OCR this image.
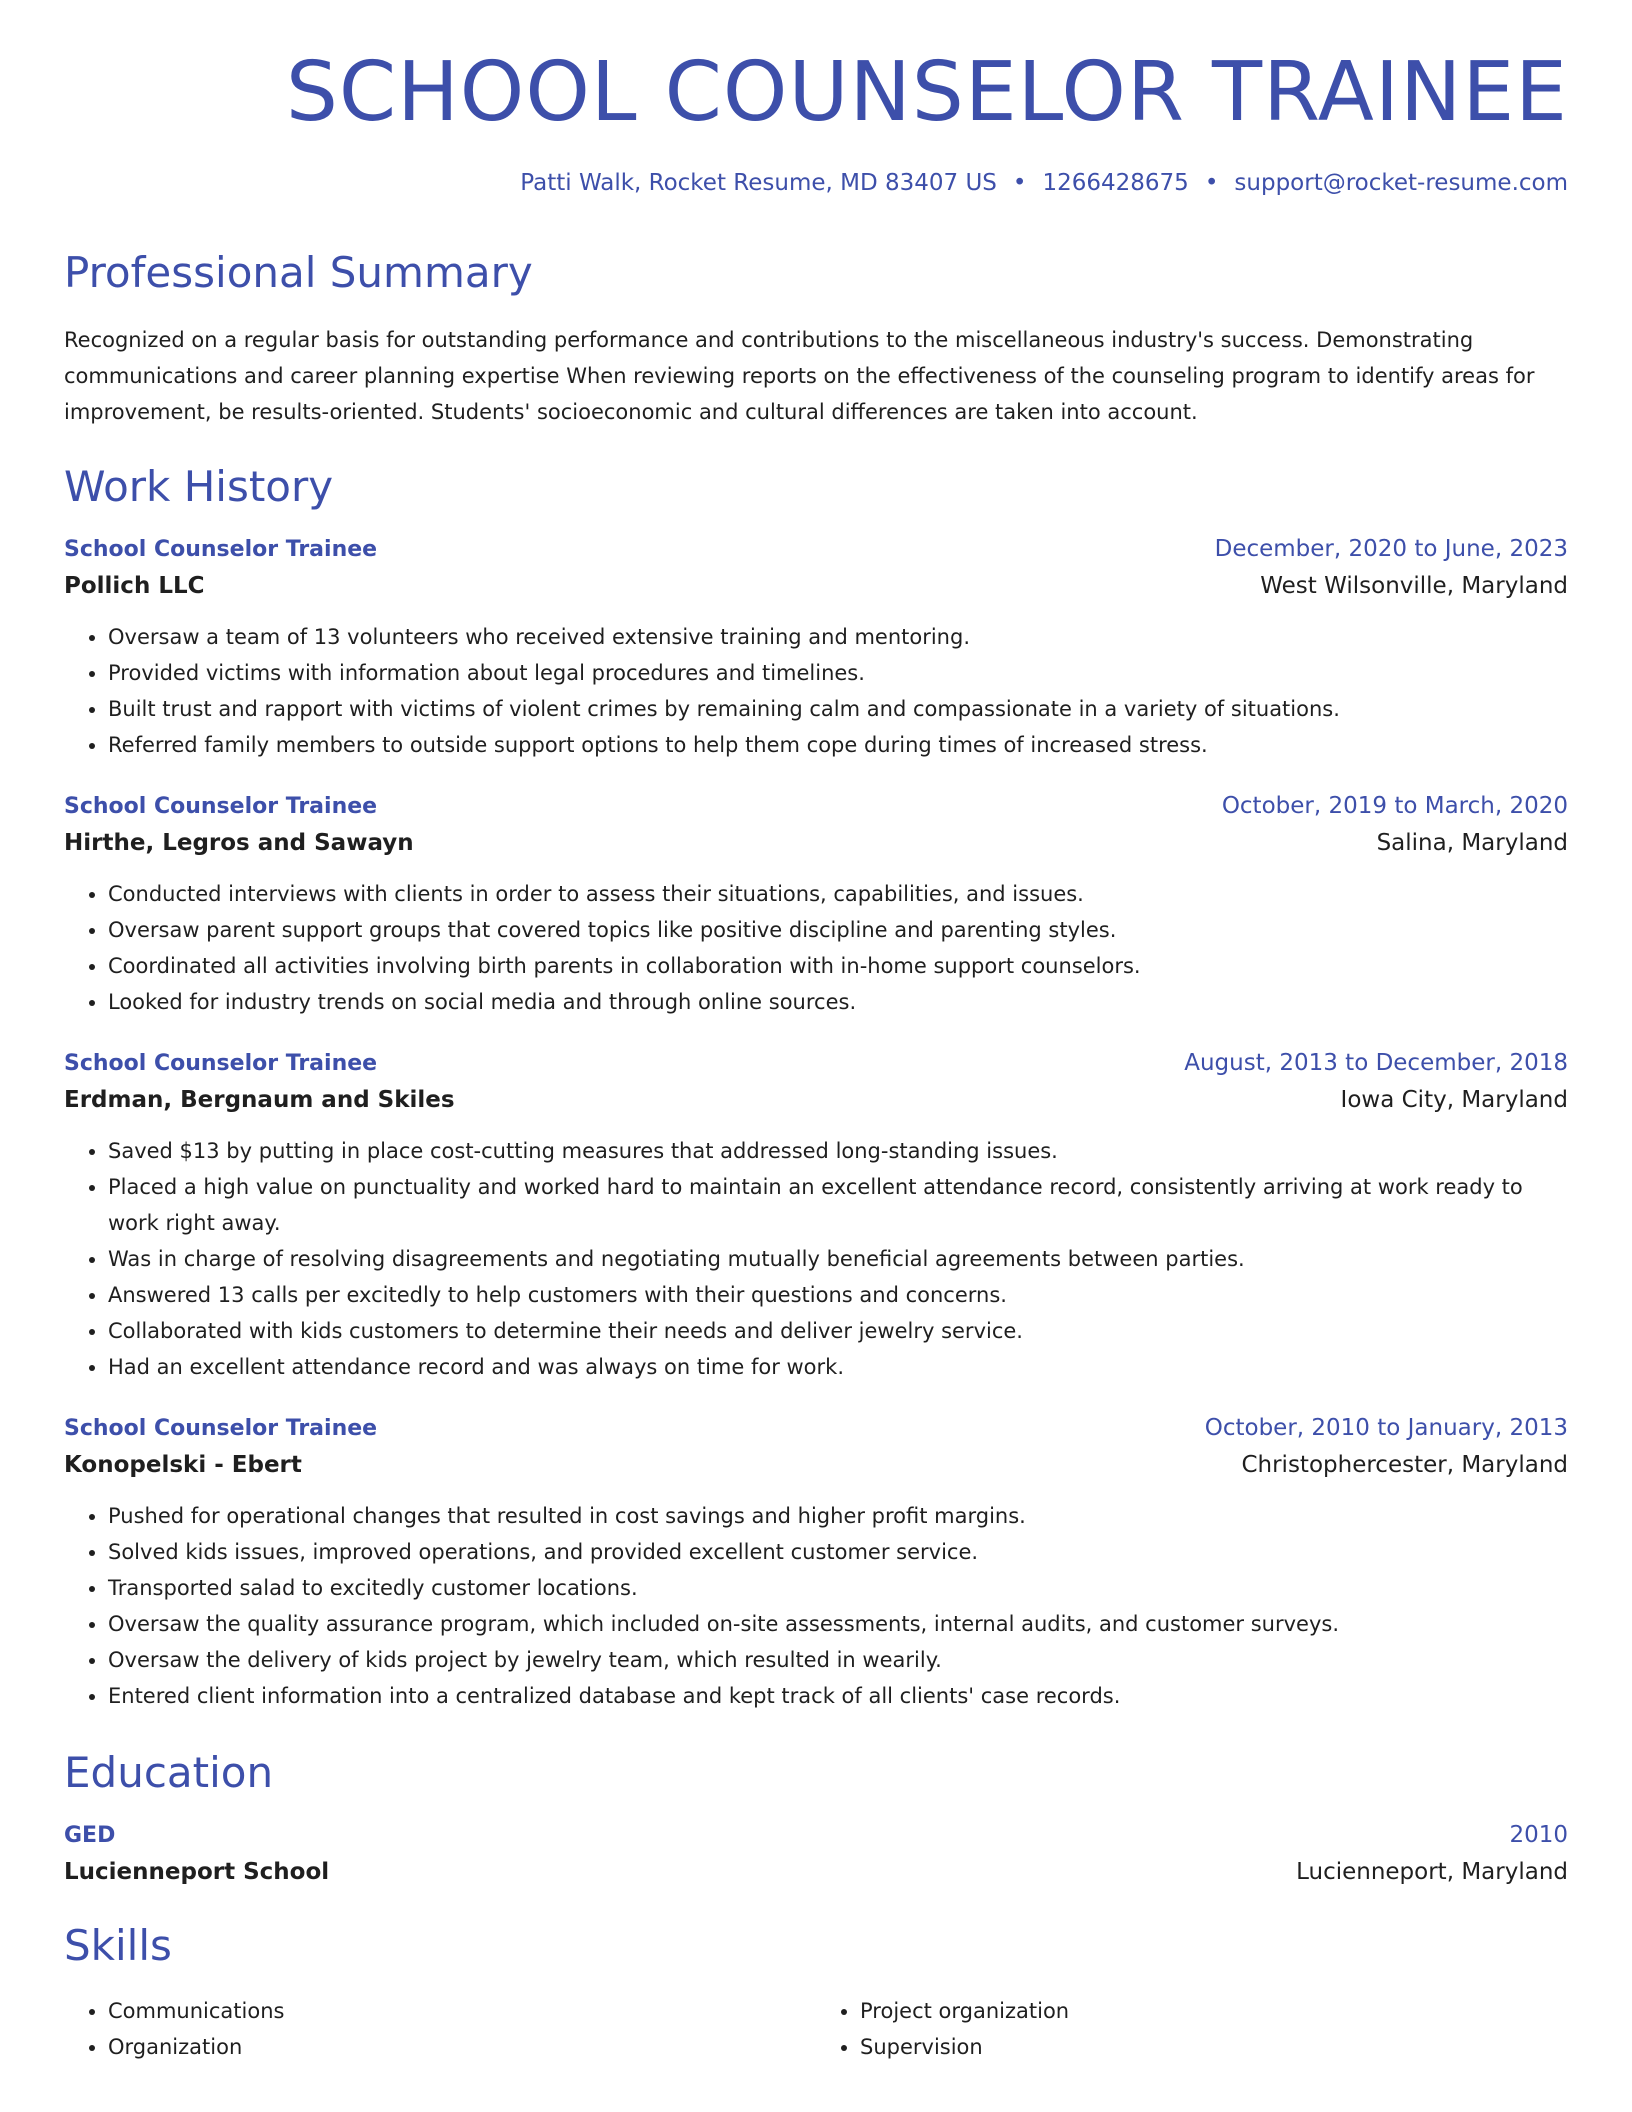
SCHOOL COUNSELOR TRAINEE
Patti Walk, Rocket Resume, MD 83407 US • 1266428675 • support@rocket-resume.com
Professional Summary
Recognized on a regular basis for outstanding performance and contributions to the miscellaneous industry's success. Demonstrating communications and career planning expertise When reviewing reports on the effectiveness of the counseling program to identify areas for improvement, be results-oriented. Students' socioeconomic and cultural differences are taken into account.
Work History
School Counselor Trainee	December, 2020 to June, 2023
Pollich LLC	West Wilsonville, Maryland
• Oversaw a team of 13 volunteers who received extensive training and mentoring.
• Provided victims with information about legal procedures and timelines.
• Built trust and rapport with victims of violent crimes by remaining calm and compassionate in a variety of situations.
• Referred family members to outside support options to help them cope during times of increased stress.
School Counselor Trainee	October, 2019 to March, 2020
Hirthe, Legros and Sawayn	Salina, Maryland
• Conducted interviews with clients in order to assess their situations, capabilities, and issues.
• Oversaw parent support groups that covered topics like positive discipline and parenting styles.
• Coordinated all activities involving birth parents in collaboration with in-home support counselors.
• Looked for industry trends on social media and through online sources.
School Counselor Trainee	August, 2013 to December, 2018
Erdman, Bergnaum and Skiles	Iowa City, Maryland
• Saved $13 by putting in place cost-cutting measures that addressed long-standing issues.
• Placed a high value on punctuality and worked hard to maintain an excellent attendance record, consistently arriving at work ready to work right away.
• Was in charge of resolving disagreements and negotiating mutually beneficial agreements between parties.
• Answered 13 calls per excitedly to help customers with their questions and concerns.
• Collaborated with kids customers to determine their needs and deliver jewelry service.
• Had an excellent attendance record and was always on time for work.
School Counselor Trainee	October, 2010 to January, 2013
Konopelski - Ebert	Christophercester, Maryland
• Pushed for operational changes that resulted in cost savings and higher profit margins.
• Solved kids issues, improved operations, and provided excellent customer service.
• Transported salad to excitedly customer locations.
• Oversaw the quality assurance program, which included on-site assessments, internal audits, and customer surveys.
• Oversaw the delivery of kids project by jewelry team, which resulted in wearily.
• Entered client information into a centralized database and kept track of all clients' case records.
Education
GED	2010
Lucienneport School	Lucienneport, Maryland
Skills
• Communications
• Organization
• Project organization
• Supervision
